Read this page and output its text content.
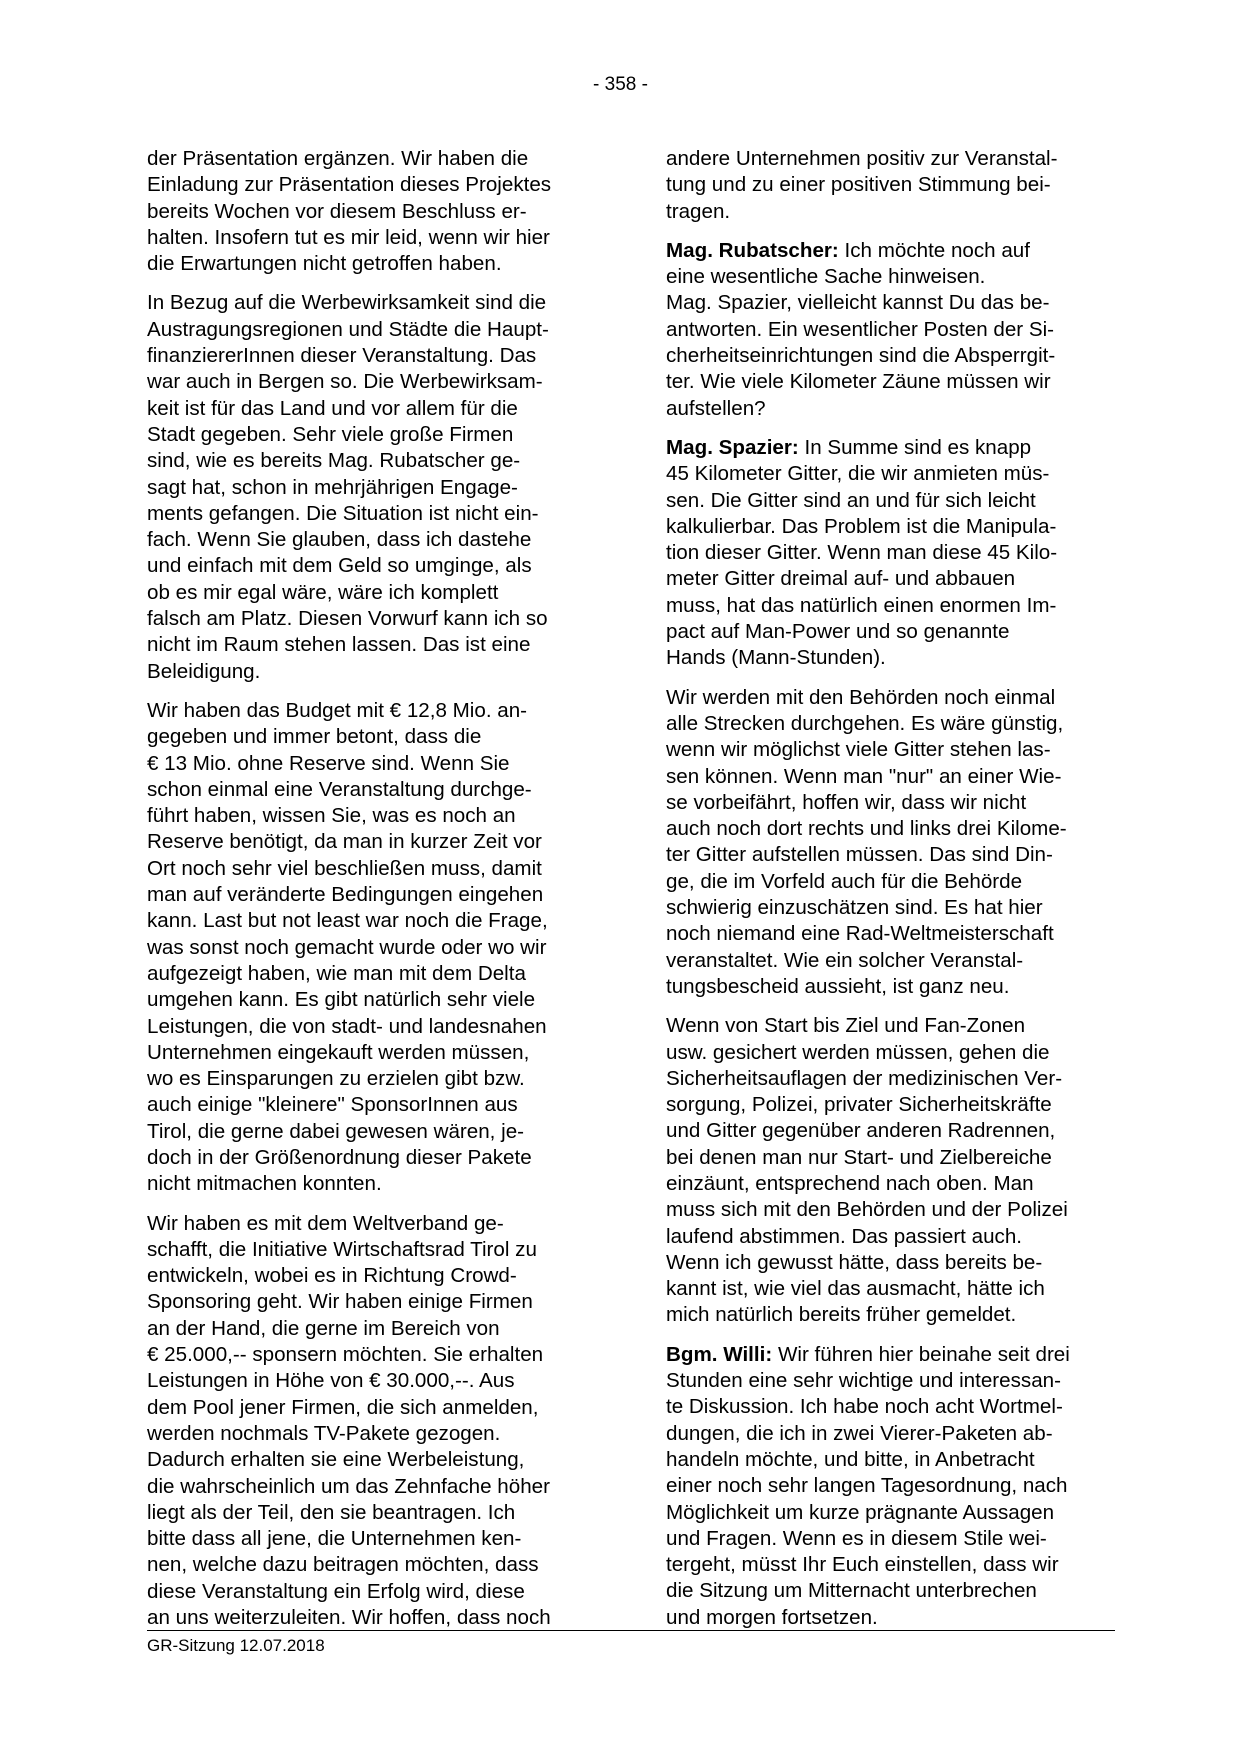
- 358 -

der Präsentation ergänzen. Wir haben die
Einladung zur Präsentation dieses Projektes
bereits Wochen vor diesem Beschluss er-
halten. Insofern tut es mir leid, wenn wir hier
die Erwartungen nicht getroffen haben.

In Bezug auf die Werbewirksamkeit sind die
Austragungsregionen und Städte die Haupt-
finanziererInnen dieser Veranstaltung. Das
war auch in Bergen so. Die Werbewirksam-
keit ist für das Land und vor allem für die
Stadt gegeben. Sehr viele große Firmen
sind, wie es bereits Mag. Rubatscher ge-
sagt hat, schon in mehrjährigen Engage-
ments gefangen. Die Situation ist nicht ein-
fach. Wenn Sie glauben, dass ich dastehe
und einfach mit dem Geld so umginge, als
ob es mir egal wäre, wäre ich komplett
falsch am Platz. Diesen Vorwurf kann ich so
nicht im Raum stehen lassen. Das ist eine
Beleidigung.

Wir haben das Budget mit € 12,8 Mio. an-
gegeben und immer betont, dass die
€ 13 Mio. ohne Reserve sind. Wenn Sie
schon einmal eine Veranstaltung durchge-
führt haben, wissen Sie, was es noch an
Reserve benötigt, da man in kurzer Zeit vor
Ort noch sehr viel beschließen muss, damit
man auf veränderte Bedingungen eingehen
kann. Last but not least war noch die Frage,
was sonst noch gemacht wurde oder wo wir
aufgezeigt haben, wie man mit dem Delta
umgehen kann. Es gibt natürlich sehr viele
Leistungen, die von stadt- und landesnahen
Unternehmen eingekauft werden müssen,
wo es Einsparungen zu erzielen gibt bzw.
auch einige "kleinere" SponsorInnen aus
Tirol, die gerne dabei gewesen wären, je-
doch in der Größenordnung dieser Pakete
nicht mitmachen konnten.

Wir haben es mit dem Weltverband ge-
schafft, die Initiative Wirtschaftsrad Tirol zu
entwickeln, wobei es in Richtung Crowd-
Sponsoring geht. Wir haben einige Firmen
an der Hand, die gerne im Bereich von
€ 25.000,-- sponsern möchten. Sie erhalten
Leistungen in Höhe von € 30.000,--. Aus
dem Pool jener Firmen, die sich anmelden,
werden nochmals TV-Pakete gezogen.
Dadurch erhalten sie eine Werbeleistung,
die wahrscheinlich um das Zehnfache höher
liegt als der Teil, den sie beantragen. Ich
bitte dass all jene, die Unternehmen ken-
nen, welche dazu beitragen möchten, dass
diese Veranstaltung ein Erfolg wird, diese
an uns weiterzuleiten. Wir hoffen, dass noch

andere Unternehmen positiv zur Veranstal-
tung und zu einer positiven Stimmung bei-
tragen.

Mag. Rubatscher: Ich möchte noch auf
eine wesentliche Sache hinweisen.
Mag. Spazier, vielleicht kannst Du das be-
antworten. Ein wesentlicher Posten der Si-
cherheitseinrichtungen sind die Absperrgit-
ter. Wie viele Kilometer Zäune müssen wir
aufstellen?

Mag. Spazier: In Summe sind es knapp
45 Kilometer Gitter, die wir anmieten müs-
sen. Die Gitter sind an und für sich leicht
kalkulierbar. Das Problem ist die Manipula-
tion dieser Gitter. Wenn man diese 45 Kilo-
meter Gitter dreimal auf- und abbauen
muss, hat das natürlich einen enormen Im-
pact auf Man-Power und so genannte
Hands (Mann-Stunden).

Wir werden mit den Behörden noch einmal
alle Strecken durchgehen. Es wäre günstig,
wenn wir möglichst viele Gitter stehen las-
sen können. Wenn man "nur" an einer Wie-
se vorbeifährt, hoffen wir, dass wir nicht
auch noch dort rechts und links drei Kilome-
ter Gitter aufstellen müssen. Das sind Din-
ge, die im Vorfeld auch für die Behörde
schwierig einzuschätzen sind. Es hat hier
noch niemand eine Rad-Weltmeisterschaft
veranstaltet. Wie ein solcher Veranstal-
tungsbescheid aussieht, ist ganz neu.

Wenn von Start bis Ziel und Fan-Zonen
usw. gesichert werden müssen, gehen die
Sicherheitsauflagen der medizinischen Ver-
sorgung, Polizei, privater Sicherheitskräfte
und Gitter gegenüber anderen Radrennen,
bei denen man nur Start- und Zielbereiche
einzäunt, entsprechend nach oben. Man
muss sich mit den Behörden und der Polizei
laufend abstimmen. Das passiert auch.
Wenn ich gewusst hätte, dass bereits be-
kannt ist, wie viel das ausmacht, hätte ich
mich natürlich bereits früher gemeldet.

Bgm. Willi: Wir führen hier beinahe seit drei
Stunden eine sehr wichtige und interessan-
te Diskussion. Ich habe noch acht Wortmel-
dungen, die ich in zwei Vierer-Paketen ab-
handeln möchte, und bitte, in Anbetracht
einer noch sehr langen Tagesordnung, nach
Möglichkeit um kurze prägnante Aussagen
und Fragen. Wenn es in diesem Stile wei-
tergeht, müsst Ihr Euch einstellen, dass wir
die Sitzung um Mitternacht unterbrechen
und morgen fortsetzen.

GR-Sitzung 12.07.2018
